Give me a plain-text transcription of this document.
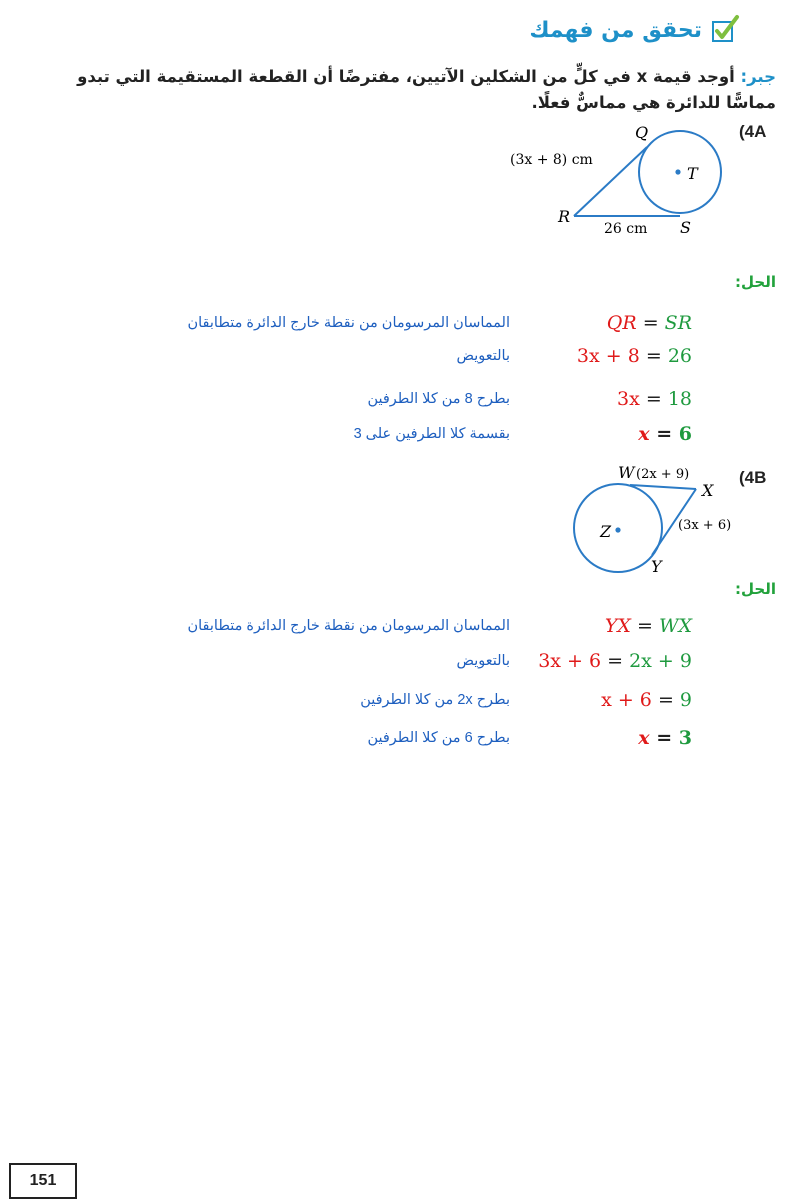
تحقق من فهمك
جبر: أوجد قيمة x في كلٍّ من الشكلين الآتيين، مفترضًا أن القطعة المستقيمة التي تبدو مماسًّا للدائرة هي مماسٌّ فعلًا.
(4A
Q
R
S
T
(3x + 8) cm
26 cm
الحل:
QR = SR
المماسان المرسومان من نقطة خارج الدائرة متطابقان
3x + 8 = 26
بالتعويض
3x = 18
بطرح 8 من كلا الطرفين
x = 6
بقسمة كلا الطرفين على 3
(4B
W
X
Y
Z
(2x + 9)
(3x + 6)
الحل:
YX = WX
المماسان المرسومان من نقطة خارج الدائرة متطابقان
3x + 6 = 2x + 9
بالتعويض
x + 6 = 9
بطرح 2x من كلا الطرفين
x = 3
بطرح 6 من كلا الطرفين
151
